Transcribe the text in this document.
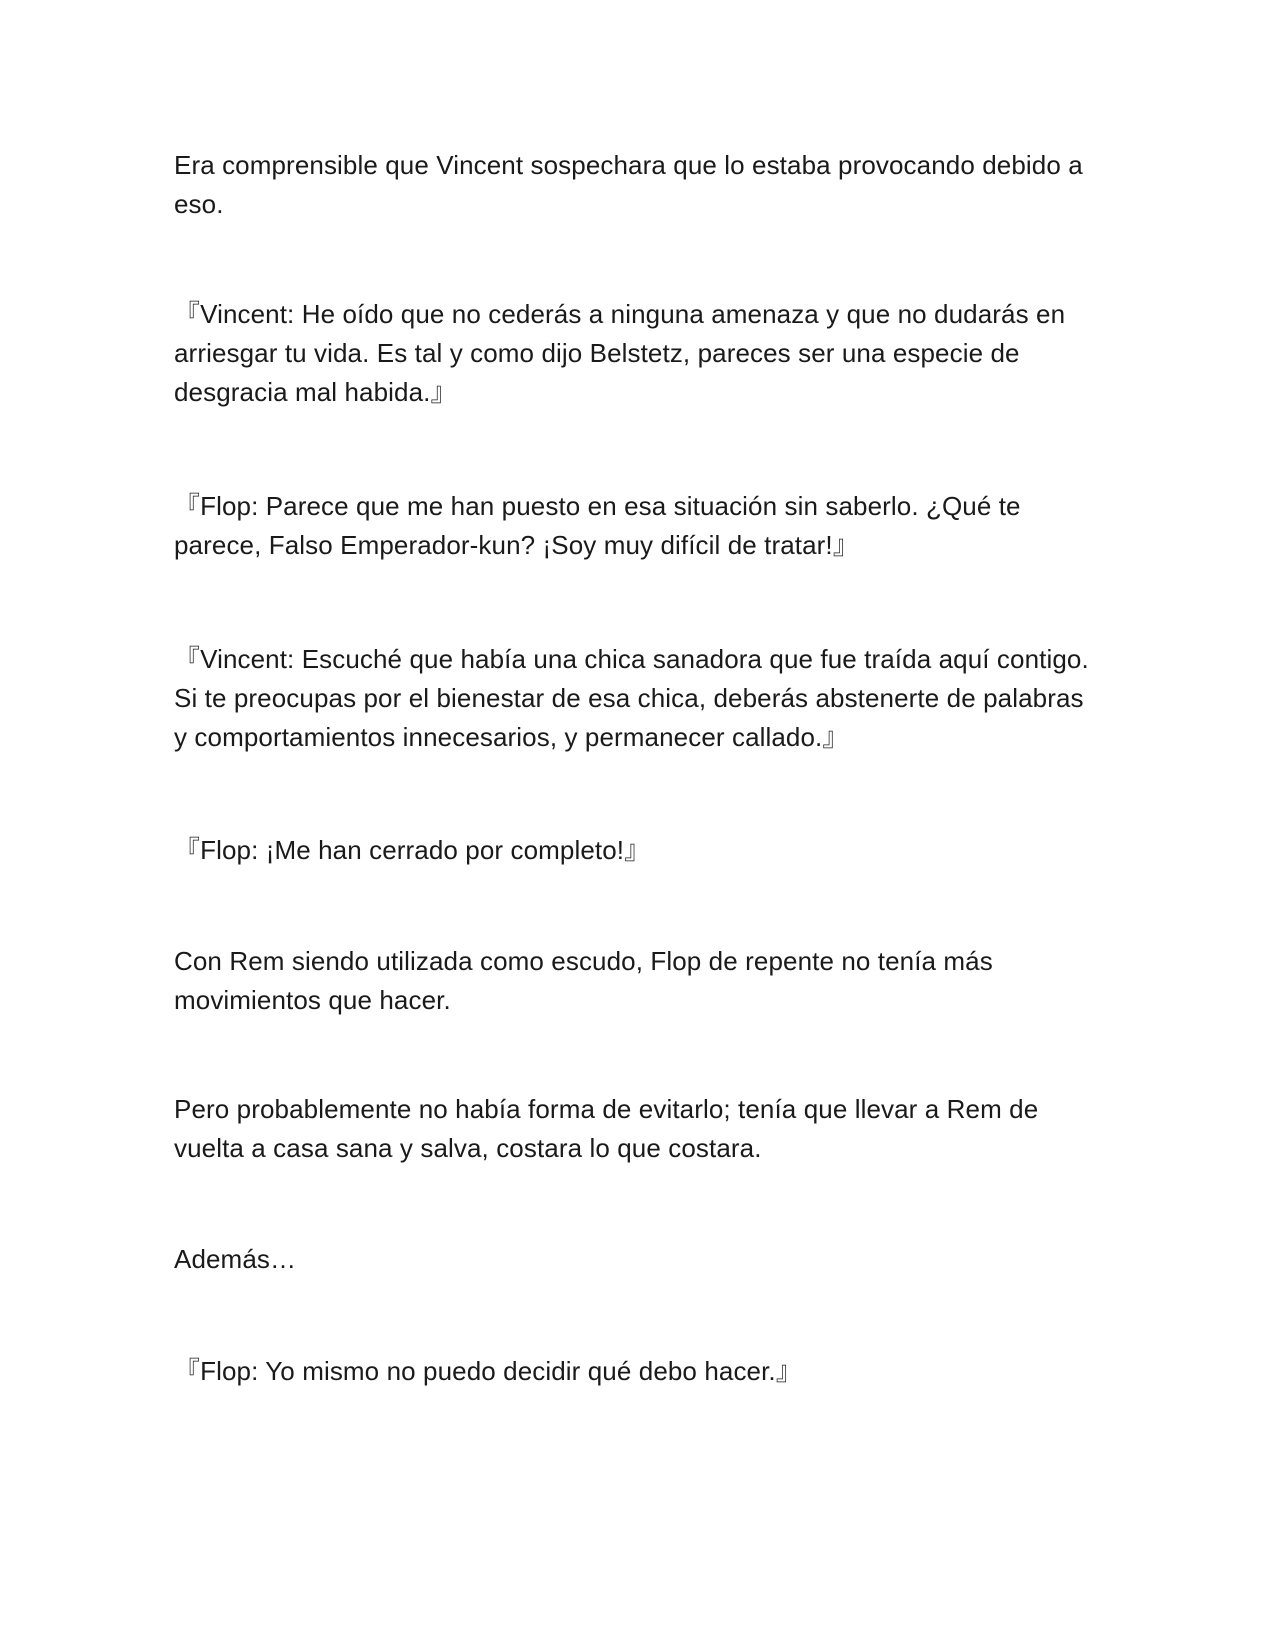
Era comprensible que Vincent sospechara que lo estaba provocando debido a eso.

『Vincent: He oído que no cederás a ninguna amenaza y que no dudarás en arriesgar tu vida. Es tal y como dijo Belstetz, pareces ser una especie de desgracia mal habida.』

『Flop: Parece que me han puesto en esa situación sin saberlo. ¿Qué te parece, Falso Emperador-kun? ¡Soy muy difícil de tratar!』

『Vincent: Escuché que había una chica sanadora que fue traída aquí contigo. Si te preocupas por el bienestar de esa chica, deberás abstenerte de palabras y comportamientos innecesarios, y permanecer callado.』

『Flop: ¡Me han cerrado por completo!』

Con Rem siendo utilizada como escudo, Flop de repente no tenía más movimientos que hacer.

Pero probablemente no había forma de evitarlo; tenía que llevar a Rem de vuelta a casa sana y salva, costara lo que costara.

Además…

『Flop: Yo mismo no puedo decidir qué debo hacer.』
